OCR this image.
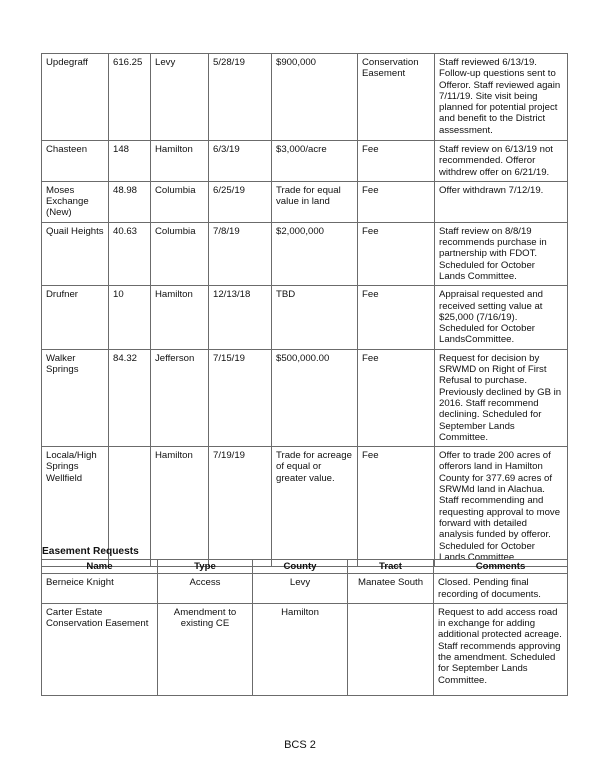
Updegraff	616.25	Levy	5/28/19	$900,000	Conservation Easement	Staff reviewed 6/13/19. Follow-up questions sent to Offeror. Staff reviewed again 7/11/19. Site visit being planned for potential project and benefit to the District assessment.
Chasteen	148	Hamilton	6/3/19	$3,000/acre	Fee	Staff review on 6/13/19 not recommended. Offeror withdrew offer on 6/21/19.
Moses Exchange (New)	48.98	Columbia	6/25/19	Trade for equal value in land	Fee	Offer withdrawn 7/12/19.
Quail Heights	40.63	Columbia	7/8/19	$2,000,000	Fee	Staff review on 8/8/19 recommends purchase in partnership with FDOT. Scheduled for October Lands Committee.
Drufner	10	Hamilton	12/13/18	TBD	Fee	Appraisal requested and received setting value at $25,000 (7/16/19). Scheduled for October LandsCommittee.
Walker Springs	84.32	Jefferson	7/15/19	$500,000.00	Fee	Request for decision by SRWMD on Right of First Refusal to purchase. Previously declined by GB in 2016. Staff recommend declining. Scheduled for September Lands Committee.
Locala/High Springs Wellfield		Hamilton	7/19/19	Trade for acreage of equal or greater value.	Fee	Offer to trade 200 acres of offerors land in Hamilton County for 377.69 acres of SRWMd land in Alachua. Staff recommending and requesting approval to move forward with detailed analysis funded by offeror. Scheduled for October Lands Committee.
Easement Requests
Name	Type	County	Tract	Comments
Berneice Knight	Access	Levy	Manatee South	Closed. Pending final recording of documents.
Carter Estate Conservation Easement	Amendment to existing CE	Hamilton		Request to add access road in exchange for adding additional protected acreage. Staff recommends approving the amendment. Scheduled for September Lands Committee.
BCS 2
